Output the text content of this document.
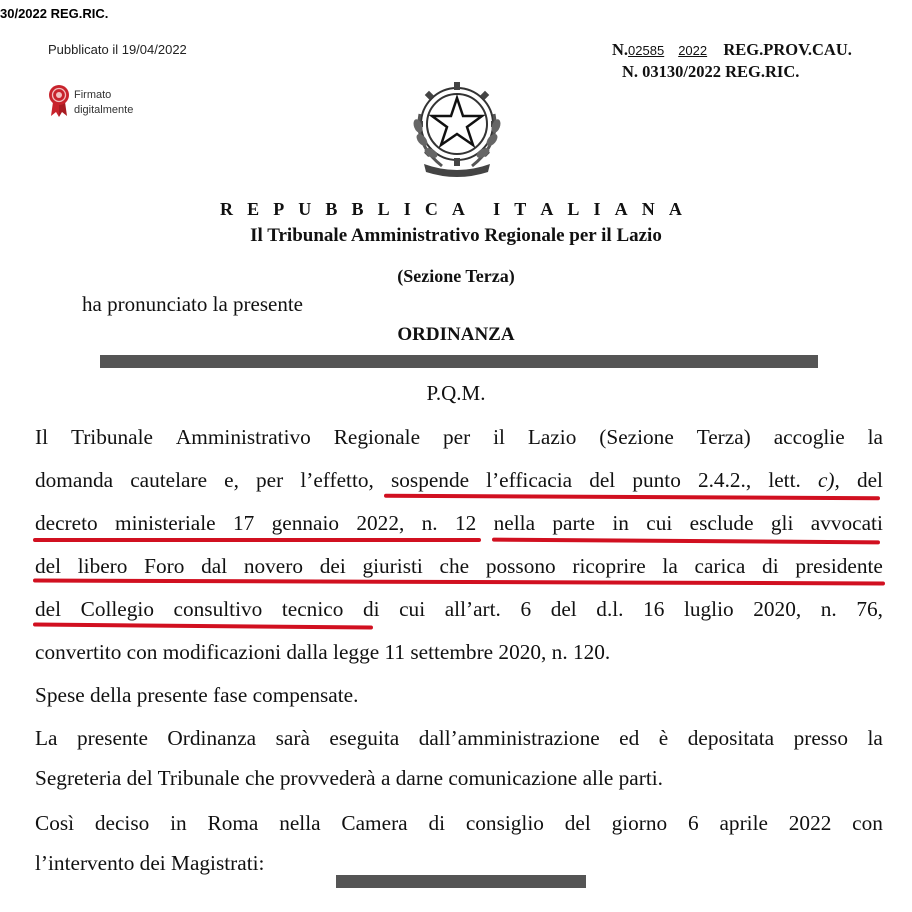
30/2022 REG.RIC.
Pubblicato il 19/04/2022
Firmato
digitalmente
N.02585 2022 REG.PROV.CAU.
N. 03130/2022 REG.RIC.
R E P U B B L I C A I T A L I A N A
Il Tribunale Amministrativo Regionale per il Lazio
(Sezione Terza)
ha pronunciato la presente
ORDINANZA
P.Q.M.
Il Tribunale Amministrativo Regionale per il Lazio (Sezione Terza) accoglie la
domanda cautelare e, per l’effetto, sospende l’efficacia del punto 2.4.2., lett. c), del
decreto ministeriale 17 gennaio 2022, n. 12 nella parte in cui esclude gli avvocati
del libero Foro dal novero dei giuristi che possono ricoprire la carica di presidente
del Collegio consultivo tecnico di cui all’art. 6 del d.l. 16 luglio 2020, n. 76,
convertito con modificazioni dalla legge 11 settembre 2020, n. 120.
Spese della presente fase compensate.
La presente Ordinanza sarà eseguita dall’amministrazione ed è depositata presso la
Segreteria del Tribunale che provvederà a darne comunicazione alle parti.
Così deciso in Roma nella Camera di consiglio del giorno 6 aprile 2022 con
l’intervento dei Magistrati:
